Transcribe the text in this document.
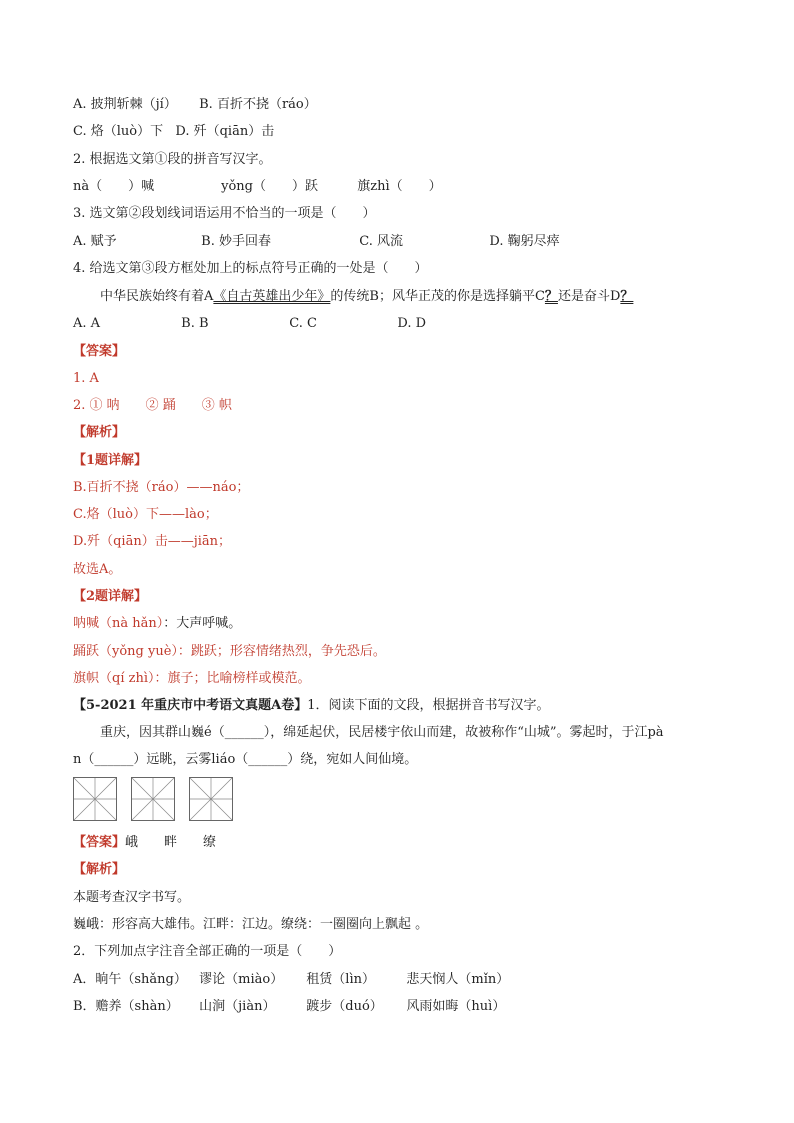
A. 披荆斩棘（jí） B. 百折不挠（ráo）
C. 烙（luò）下 D. 歼（qiān）击
2. 根据选文第①段的拼音写汉字。
nà（　　）喊	yǒng（　　）跃	旗zhì（　　）
3. 选文第②段划线词语运用不恰当的一项是（　　）
A. 赋予	B. 妙手回春	C. 风流	D. 鞠躬尽瘁
4. 给选文第③段方框处加上的标点符号正确的一处是（　　）
中华民族始终有着A《自古英雄出少年》的传统B；风华正茂的你是选择躺平C？还是奋斗D？
A. A	B. B	C. C	D. D
【答案】
1. A
2. ① 呐　　② 踊　　③ 帜
【解析】
【1题详解】
B.百折不挠（ráo）——náo；
C.烙（luò）下——lào；
D.歼（qiān）击——jiān；
故选A。
【2题详解】
呐喊（nà hǎn）：大声呼喊。
踊跃（yǒng yuè）：跳跃；形容情绪热烈，争先恐后。
旗帜（qí zhì）：旗子；比喻榜样或模范。
【5-2021 年重庆市中考语文真题A卷】1．阅读下面的文段，根据拼音书写汉字。
重庆，因其群山巍é（______），绵延起伏，民居楼宇依山而建，故被称作“山城”。雾起时，于江pà
n（______）远眺，云雾liáo（______）绕，宛如人间仙境。
【答案】峨　　畔　　缭
【解析】
本题考查汉字书写。
巍峨：形容高大雄伟。江畔：江边。缭绕：一圈圈向上飘起 。
2．下列加点字注音全部正确的一项是（　　）
A．晌午（shǎng） 谬论（miào） 租赁（lìn） 悲天悯人（mǐn）
B．赡养（shàn） 山涧（jiàn） 踱步（duó） 风雨如晦（huì）
